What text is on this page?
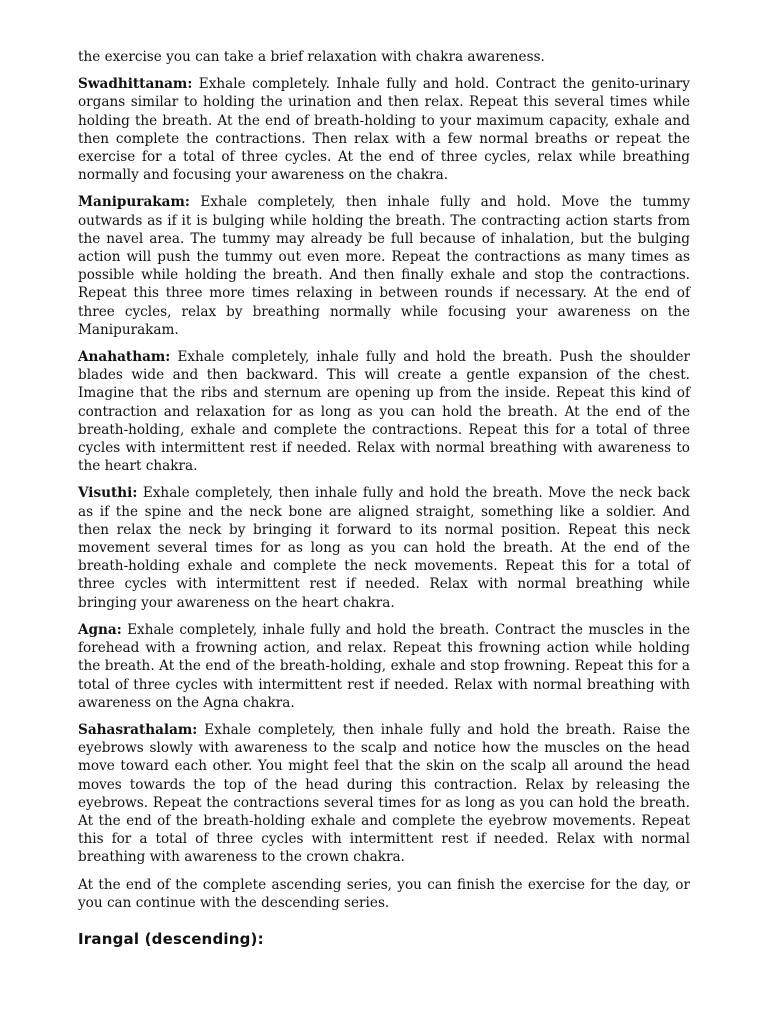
the exercise you can take a brief relaxation with chakra awareness.

Swadhittanam: Exhale completely. Inhale fully and hold. Contract the genito-urinary organs similar to holding the urination and then relax. Repeat this several times while holding the breath. At the end of breath-holding to your maximum capacity, exhale and then complete the contractions. Then relax with a few normal breaths or repeat the exercise for a total of three cycles. At the end of three cycles, relax while breathing normally and focusing your awareness on the chakra.

Manipurakam: Exhale completely, then inhale fully and hold. Move the tummy outwards as if it is bulging while holding the breath. The contracting action starts from the navel area. The tummy may already be full because of inhalation, but the bulging action will push the tummy out even more. Repeat the contractions as many times as possible while holding the breath. And then finally exhale and stop the contractions. Repeat this three more times relaxing in between rounds if necessary. At the end of three cycles, relax by breathing normally while focusing your awareness on the Manipurakam.

Anahatham: Exhale completely, inhale fully and hold the breath. Push the shoulder blades wide and then backward. This will create a gentle expansion of the chest. Imagine that the ribs and sternum are opening up from the inside. Repeat this kind of contraction and relaxation for as long as you can hold the breath. At the end of the breath-holding, exhale and complete the contractions. Repeat this for a total of three cycles with intermittent rest if needed. Relax with normal breathing with awareness to the heart chakra.

Visuthi: Exhale completely, then inhale fully and hold the breath. Move the neck back as if the spine and the neck bone are aligned straight, something like a soldier. And then relax the neck by bringing it forward to its normal position. Repeat this neck movement several times for as long as you can hold the breath. At the end of the breath-holding exhale and complete the neck movements. Repeat this for a total of three cycles with intermittent rest if needed. Relax with normal breathing while bringing your awareness on the heart chakra.

Agna: Exhale completely, inhale fully and hold the breath. Contract the muscles in the forehead with a frowning action, and relax. Repeat this frowning action while holding the breath. At the end of the breath-holding, exhale and stop frowning. Repeat this for a total of three cycles with intermittent rest if needed. Relax with normal breathing with awareness on the Agna chakra.

Sahasrathalam: Exhale completely, then inhale fully and hold the breath. Raise the eyebrows slowly with awareness to the scalp and notice how the muscles on the head move toward each other. You might feel that the skin on the scalp all around the head moves towards the top of the head during this contraction. Relax by releasing the eyebrows. Repeat the contractions several times for as long as you can hold the breath. At the end of the breath-holding exhale and complete the eyebrow movements. Repeat this for a total of three cycles with intermittent rest if needed. Relax with normal breathing with awareness to the crown chakra.

At the end of the complete ascending series, you can finish the exercise for the day, or you can continue with the descending series.

Irangal (descending):
